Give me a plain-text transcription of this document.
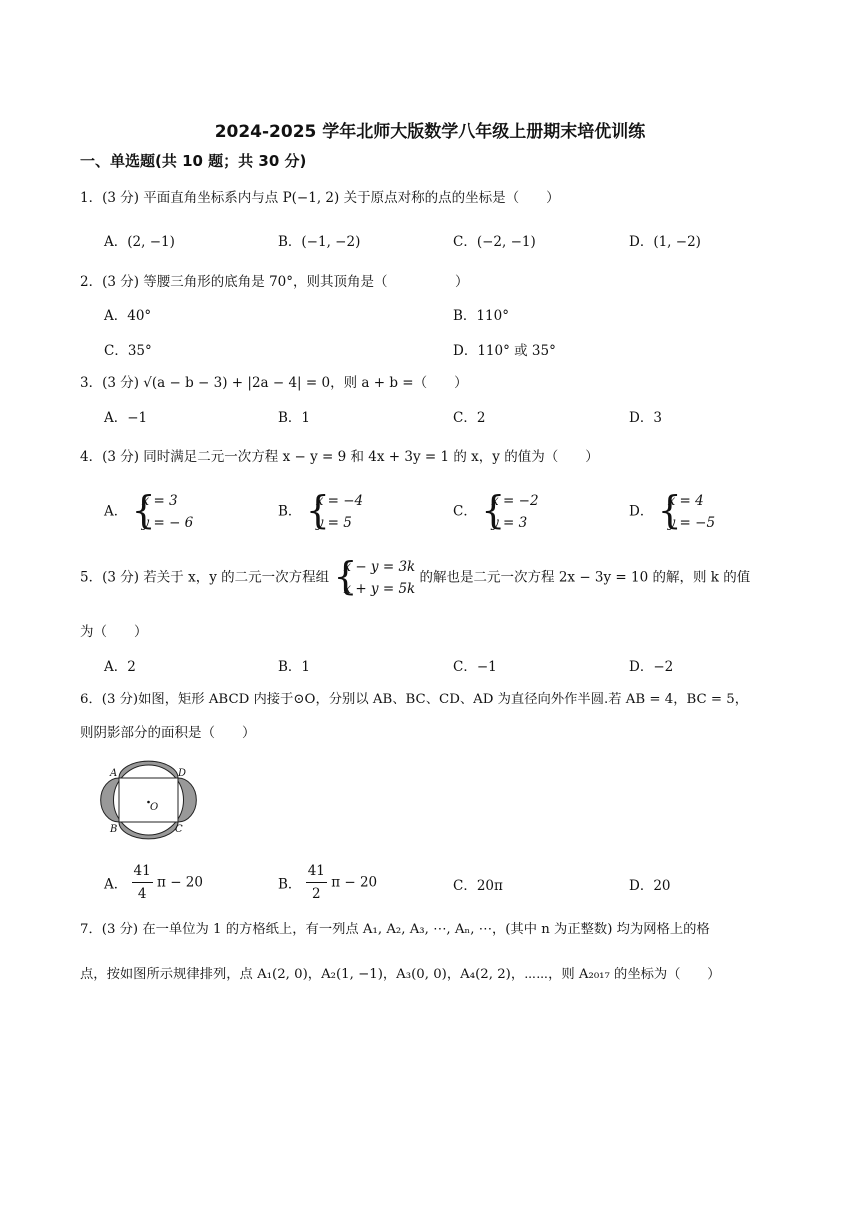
2024-2025 学年北师大版数学八年级上册期末培优训练
一、单选题(共 10 题；共 30 分)
1．(3 分) 平面直角坐标系内与点 P(−1, 2) 关于原点对称的点的坐标是（　　）
A．(2, −1)	B．(−1, −2)	C．(−2, −1)	D．(1, −2)
2．(3 分) 等腰三角形的底角是 70°，则其顶角是（　　　　　）
A．40°	B．110°
C．35°	D．110° 或 35°
3．(3 分) √(a − b − 3) + |2a − 4| = 0，则 a + b =（　　）
A．−1	B．1	C．2	D．3
4．(3 分) 同时满足二元一次方程 x − y = 9 和 4x + 3y = 1 的 x，y 的值为（　　）
A．
{ x = 3
y = − 6
B．
{ x = −4
y = 5
C．
{ x = −2
y = 3
D．
{ x = 4
y = −5
5．(3 分) 若关于 x，y 的二元一次方程组
{ x − y = 3k
x + y = 5k
的解也是二元一次方程 2x − 3y = 10 的解，则 k 的值
为（　　）
A．2	B．1	C．−1	D．−2
6．(3 分)如图，矩形 ABCD 内接于⊙O，分别以 AB、BC、CD、AD 为直径向外作半圆.若 AB = 4，BC = 5，
则阴影部分的面积是（　　）
A	D
B	C
O
A． $\frac{41}{4}$ π − 20	B． $\frac{41}{2}$ π − 20	C．20π	D．20
7．(3 分) 在一单位为 1 的方格纸上，有一列点 A₁, A₂, A₃, ⋯, Aₙ, ⋯，(其中 n 为正整数) 均为网格上的格
点，按如图所示规律排列，点 A₁(2, 0)，A₂(1, −1)，A₃(0, 0)，A₄(2, 2)，⋯⋯，则 A₂₀₁₇ 的坐标为（　　）
